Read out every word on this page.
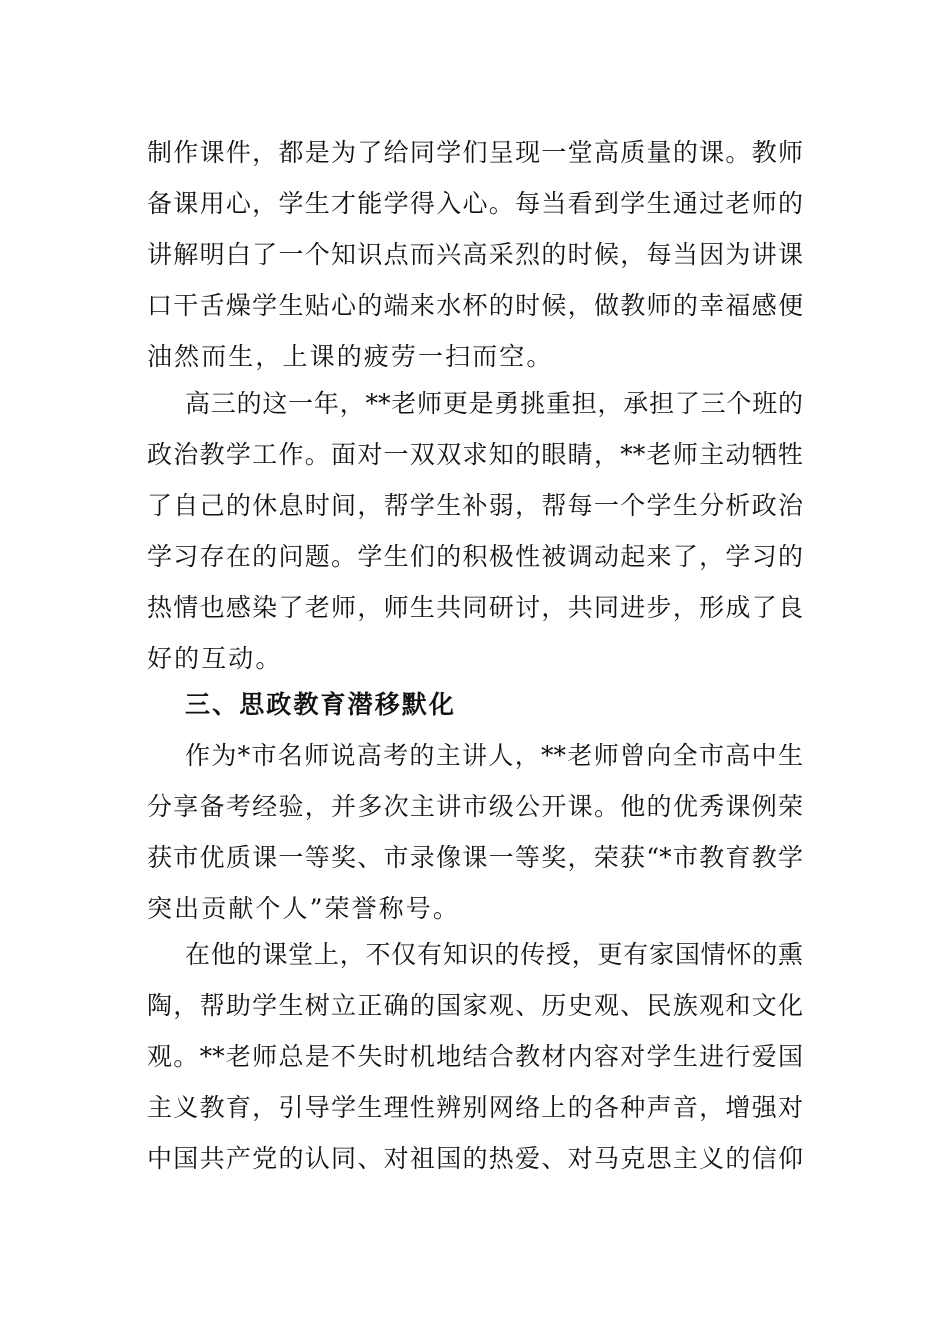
制作课件，都是为了给同学们呈现一堂高质量的课。教师
备课用心，学生才能学得入心。每当看到学生通过老师的
讲解明白了一个知识点而兴高采烈的时候，每当因为讲课
口干舌燥学生贴心的端来水杯的时候，做教师的幸福感便
油然而生，上课的疲劳一扫而空。
高三的这一年，**老师更是勇挑重担，承担了三个班的
政治教学工作。面对一双双求知的眼睛，**老师主动牺牲
了自己的休息时间，帮学生补弱，帮每一个学生分析政治
学习存在的问题。学生们的积极性被调动起来了，学习的
热情也感染了老师，师生共同研讨，共同进步，形成了良
好的互动。
三、思政教育潜移默化
作为*市名师说高考的主讲人，**老师曾向全市高中生
分享备考经验，并多次主讲市级公开课。他的优秀课例荣
获市优质课一等奖、市录像课一等奖，荣获“*市教育教学
突出贡献个人”荣誉称号。
在他的课堂上，不仅有知识的传授，更有家国情怀的熏
陶，帮助学生树立正确的国家观、历史观、民族观和文化
观。**老师总是不失时机地结合教材内容对学生进行爱国
主义教育，引导学生理性辨别网络上的各种声音，增强对
中国共产党的认同、对祖国的热爱、对马克思主义的信仰
